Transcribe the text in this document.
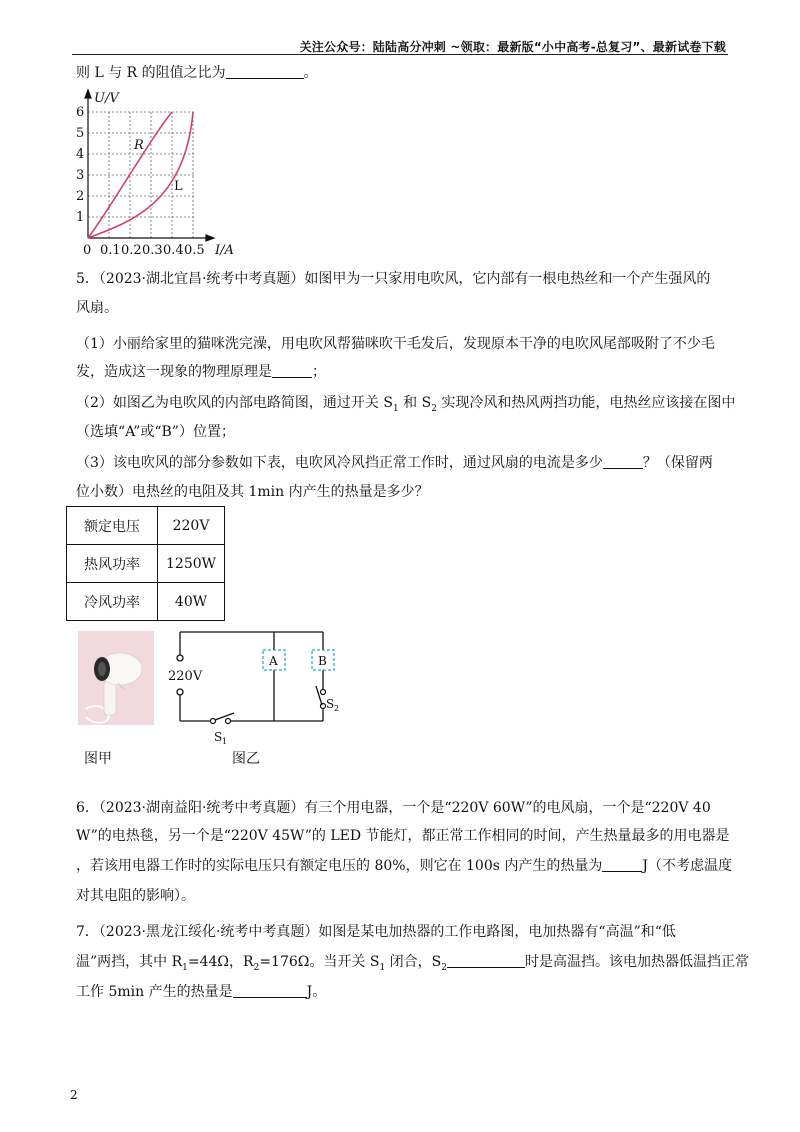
关注公众号：陆陆高分冲刺 ~领取：最新版“小中高考-总复习”、最新试卷下载
则 L 与 R 的阻值之比为	。
U/V
I/A
1
2
3
4
5
6
0 0.1 0.2 0.3 0.4 0.5
R
L
5．（2023·湖北宜昌·统考中考真题）如图甲为一只家用电吹风，它内部有一根电热丝和一个产生强风的
风扇。
（1）小丽给家里的猫咪洗完澡，用电吹风帮猫咪吹干毛发后，发现原本干净的电吹风尾部吸附了不少毛
发，造成这一现象的物理原理是	；
（2）如图乙为电吹风的内部电路简图，通过开关 $S_1$ 和 $S_2$ 实现冷风和热风两挡功能，电热丝应该接在图中
（选填“A”或“B”）位置；
（3）该电吹风的部分参数如下表，电吹风冷风挡正常工作时，通过风扇的电流是多少	？（保留两
位小数）电热丝的电阻及其 1min 内产生的热量是多少？
额定电压	220V
热风功率	1250W
冷风功率	40W
图甲
A	B
220V
S 1
S 2
图乙
6．（2023·湖南益阳·统考中考真题）有三个用电器，一个是“220V 60W”的电风扇，一个是“220V 40
W”的电热毯，另一个是“220V 45W”的 LED 节能灯，都正常工作相同的时间，产生热量最多的用电器是
，若该用电器工作时的实际电压只有额定电压的 80%，则它在 100s 内产生的热量为	J（不考虑温度
对其电阻的影响）。
7．（2023·黑龙江绥化·统考中考真题）如图是某电加热器的工作电路图，电加热器有“高温”和“低
温”两挡，其中 $R_1=44\Omega$，$R_2=176\Omega$。当开关 $S_1$ 闭合，$S_2$	时是高温挡。该电加热器低温挡正常
工作 5min 产生的热量是	J。
2
